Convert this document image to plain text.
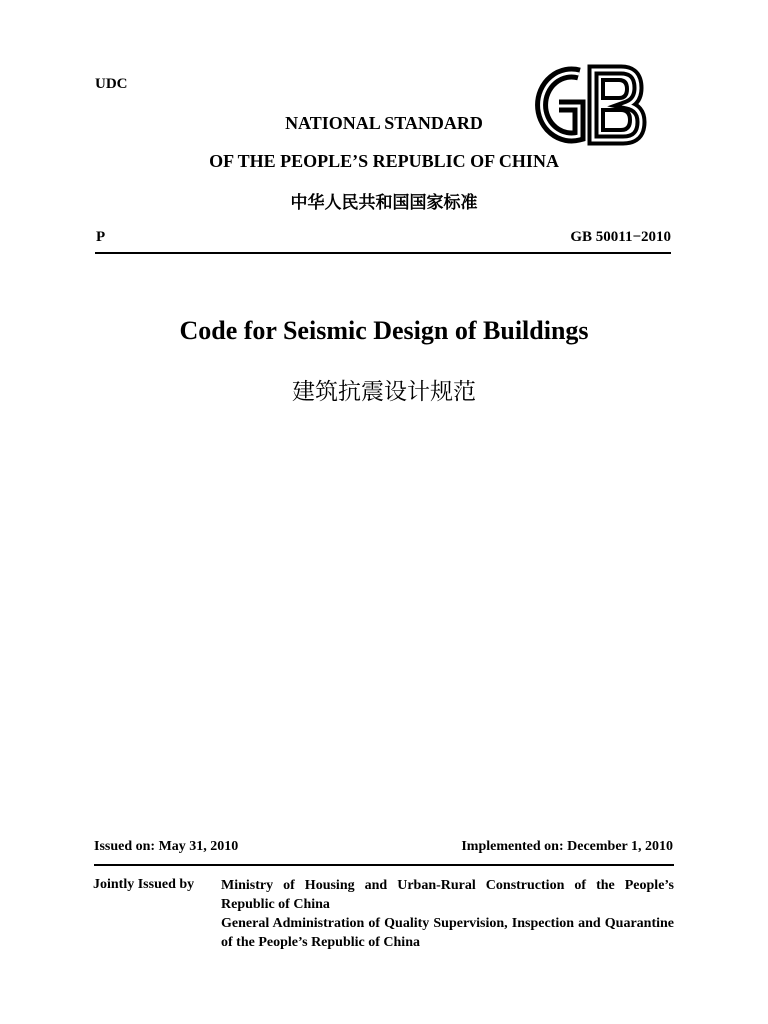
UDC
NATIONAL STANDARD
OF THE PEOPLE’S REPUBLIC OF CHINA
中华人民共和国国家标准
P	GB 50011−2010
Code for Seismic Design of Buildings
建筑抗震设计规范
Issued on: May 31, 2010	Implemented on: December 1, 2010
Jointly Issued by Ministry of Housing and Urban-Rural Construction of the People’s Republic of China
General Administration of Quality Supervision, Inspection and Quarantine of the People’s Republic of China
